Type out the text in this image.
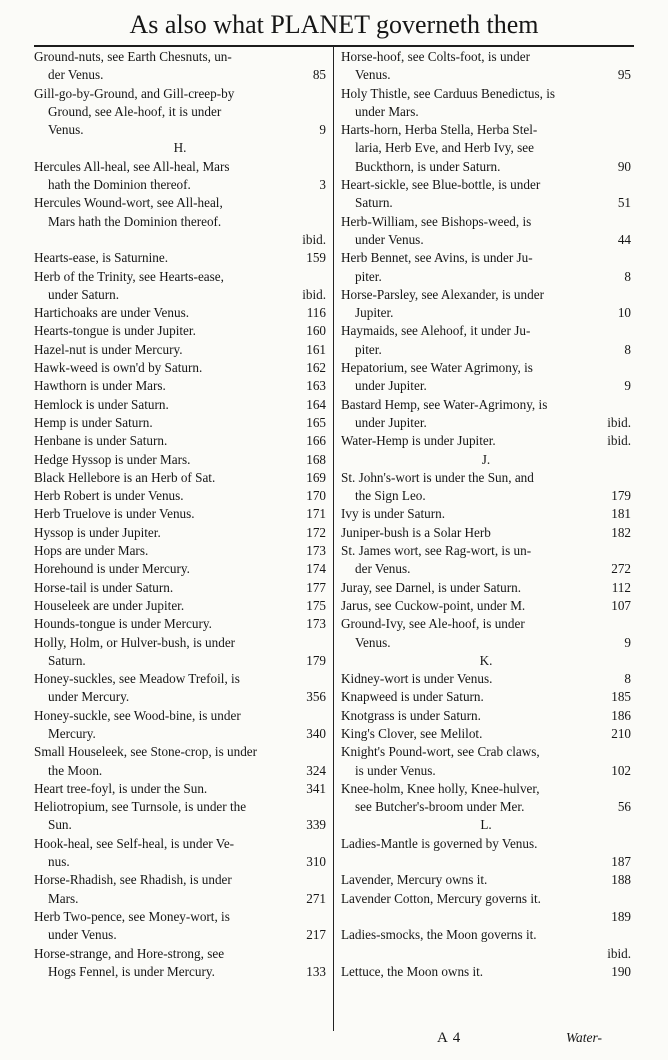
As also what PLANET governeth them
Ground-nuts, see Earth Chesnuts, un-
der Venus.	85
Gill-go-by-Ground, and Gill-creep-by
Ground, see Ale-hoof, it is under
Venus.	9
H.
Hercules All-heal, see All-heal, Mars
hath the Dominion thereof.	3
Hercules Wound-wort, see All-heal,
Mars hath the Dominion thereof.
ibid.
Hearts-ease, is Saturnine.	159
Herb of the Trinity, see Hearts-ease,
under Saturn.	ibid.
Hartichoaks are under Venus.	116
Hearts-tongue is under Jupiter.	160
Hazel-nut is under Mercury.	161
Hawk-weed is own'd by Saturn.	162
Hawthorn is under Mars.	163
Hemlock is under Saturn.	164
Hemp is under Saturn.	165
Henbane is under Saturn.	166
Hedge Hyssop is under Mars.	168
Black Hellebore is an Herb of Sat.	169
Herb Robert is under Venus.	170
Herb Truelove is under Venus.	171
Hyssop is under Jupiter.	172
Hops are under Mars.	173
Horehound is under Mercury.	174
Horse-tail is under Saturn.	177
Houseleek are under Jupiter.	175
Hounds-tongue is under Mercury.	173
Holly, Holm, or Hulver-bush, is under
Saturn.	179
Honey-suckles, see Meadow Trefoil, is
under Mercury.	356
Honey-suckle, see Wood-bine, is under
Mercury.	340
Small Houseleek, see Stone-crop, is under
the Moon.	324
Heart tree-foyl, is under the Sun.	341
Heliotropium, see Turnsole, is under the
Sun.	339
Hook-heal, see Self-heal, is under Ve-
nus.	310
Horse-Rhadish, see Rhadish, is under
Mars.	271
Herb Two-pence, see Money-wort, is
under Venus.	217
Horse-strange, and Hore-strong, see
Hogs Fennel, is under Mercury.	133
Horse-hoof, see Colts-foot, is under
Venus.	95
Holy Thistle, see Carduus Benedictus, is
under Mars.
Harts-horn, Herba Stella, Herba Stel-
laria, Herb Eve, and Herb Ivy, see
Buckthorn, is under Saturn.	90
Heart-sickle, see Blue-bottle, is under
Saturn.	51
Herb-William, see Bishops-weed, is
under Venus.	44
Herb Bennet, see Avins, is under Ju-
piter.	8
Horse-Parsley, see Alexander, is under
Jupiter.	10
Haymaids, see Alehoof, it under Ju-
piter.	8
Hepatorium, see Water Agrimony, is
under Jupiter.	9
Bastard Hemp, see Water-Agrimony, is
under Jupiter.	ibid.
Water-Hemp is under Jupiter.	ibid.
J.
St. John's-wort is under the Sun, and
the Sign Leo.	179
Ivy is under Saturn.	181
Juniper-bush is a Solar Herb	182
St. James wort, see Rag-wort, is un-
der Venus.	272
Juray, see Darnel, is under Saturn.	112
Jarus, see Cuckow-point, under M.	107
Ground-Ivy, see Ale-hoof, is under
Venus.	9
K.
Kidney-wort is under Venus.	8
Knapweed is under Saturn.	185
Knotgrass is under Saturn.	186
King's Clover, see Melilot.	210
Knight's Pound-wort, see Crab claws,
is under Venus.	102
Knee-holm, Knee holly, Knee-hulver,
see Butcher's-broom under Mer.	56
L.
Ladies-Mantle is governed by Venus.
187
Lavender, Mercury owns it.	188
Lavender Cotton, Mercury governs it.
189
Ladies-smocks, the Moon governs it.
ibid.
Lettuce, the Moon owns it.	190
A 4	Water-
